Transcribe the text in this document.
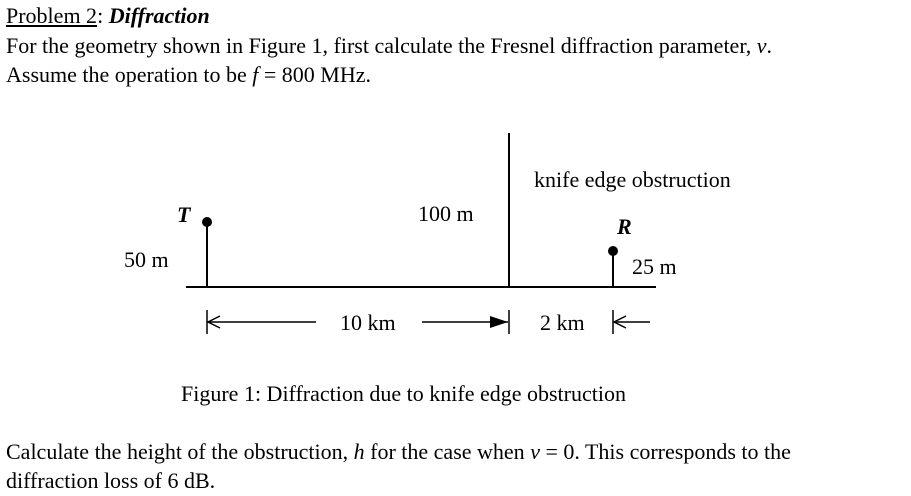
Problem 2: Diffraction
For the geometry shown in Figure 1, first calculate the Fresnel diffraction parameter, v.
Assume the operation to be f = 800 MHz.
T
50 m
knife edge obstruction
100 m
R
25 m
10 km	2 km
Figure 1: Diffraction due to knife edge obstruction
Calculate the height of the obstruction, h for the case when v = 0. This corresponds to the
diffraction loss of 6 dB.
